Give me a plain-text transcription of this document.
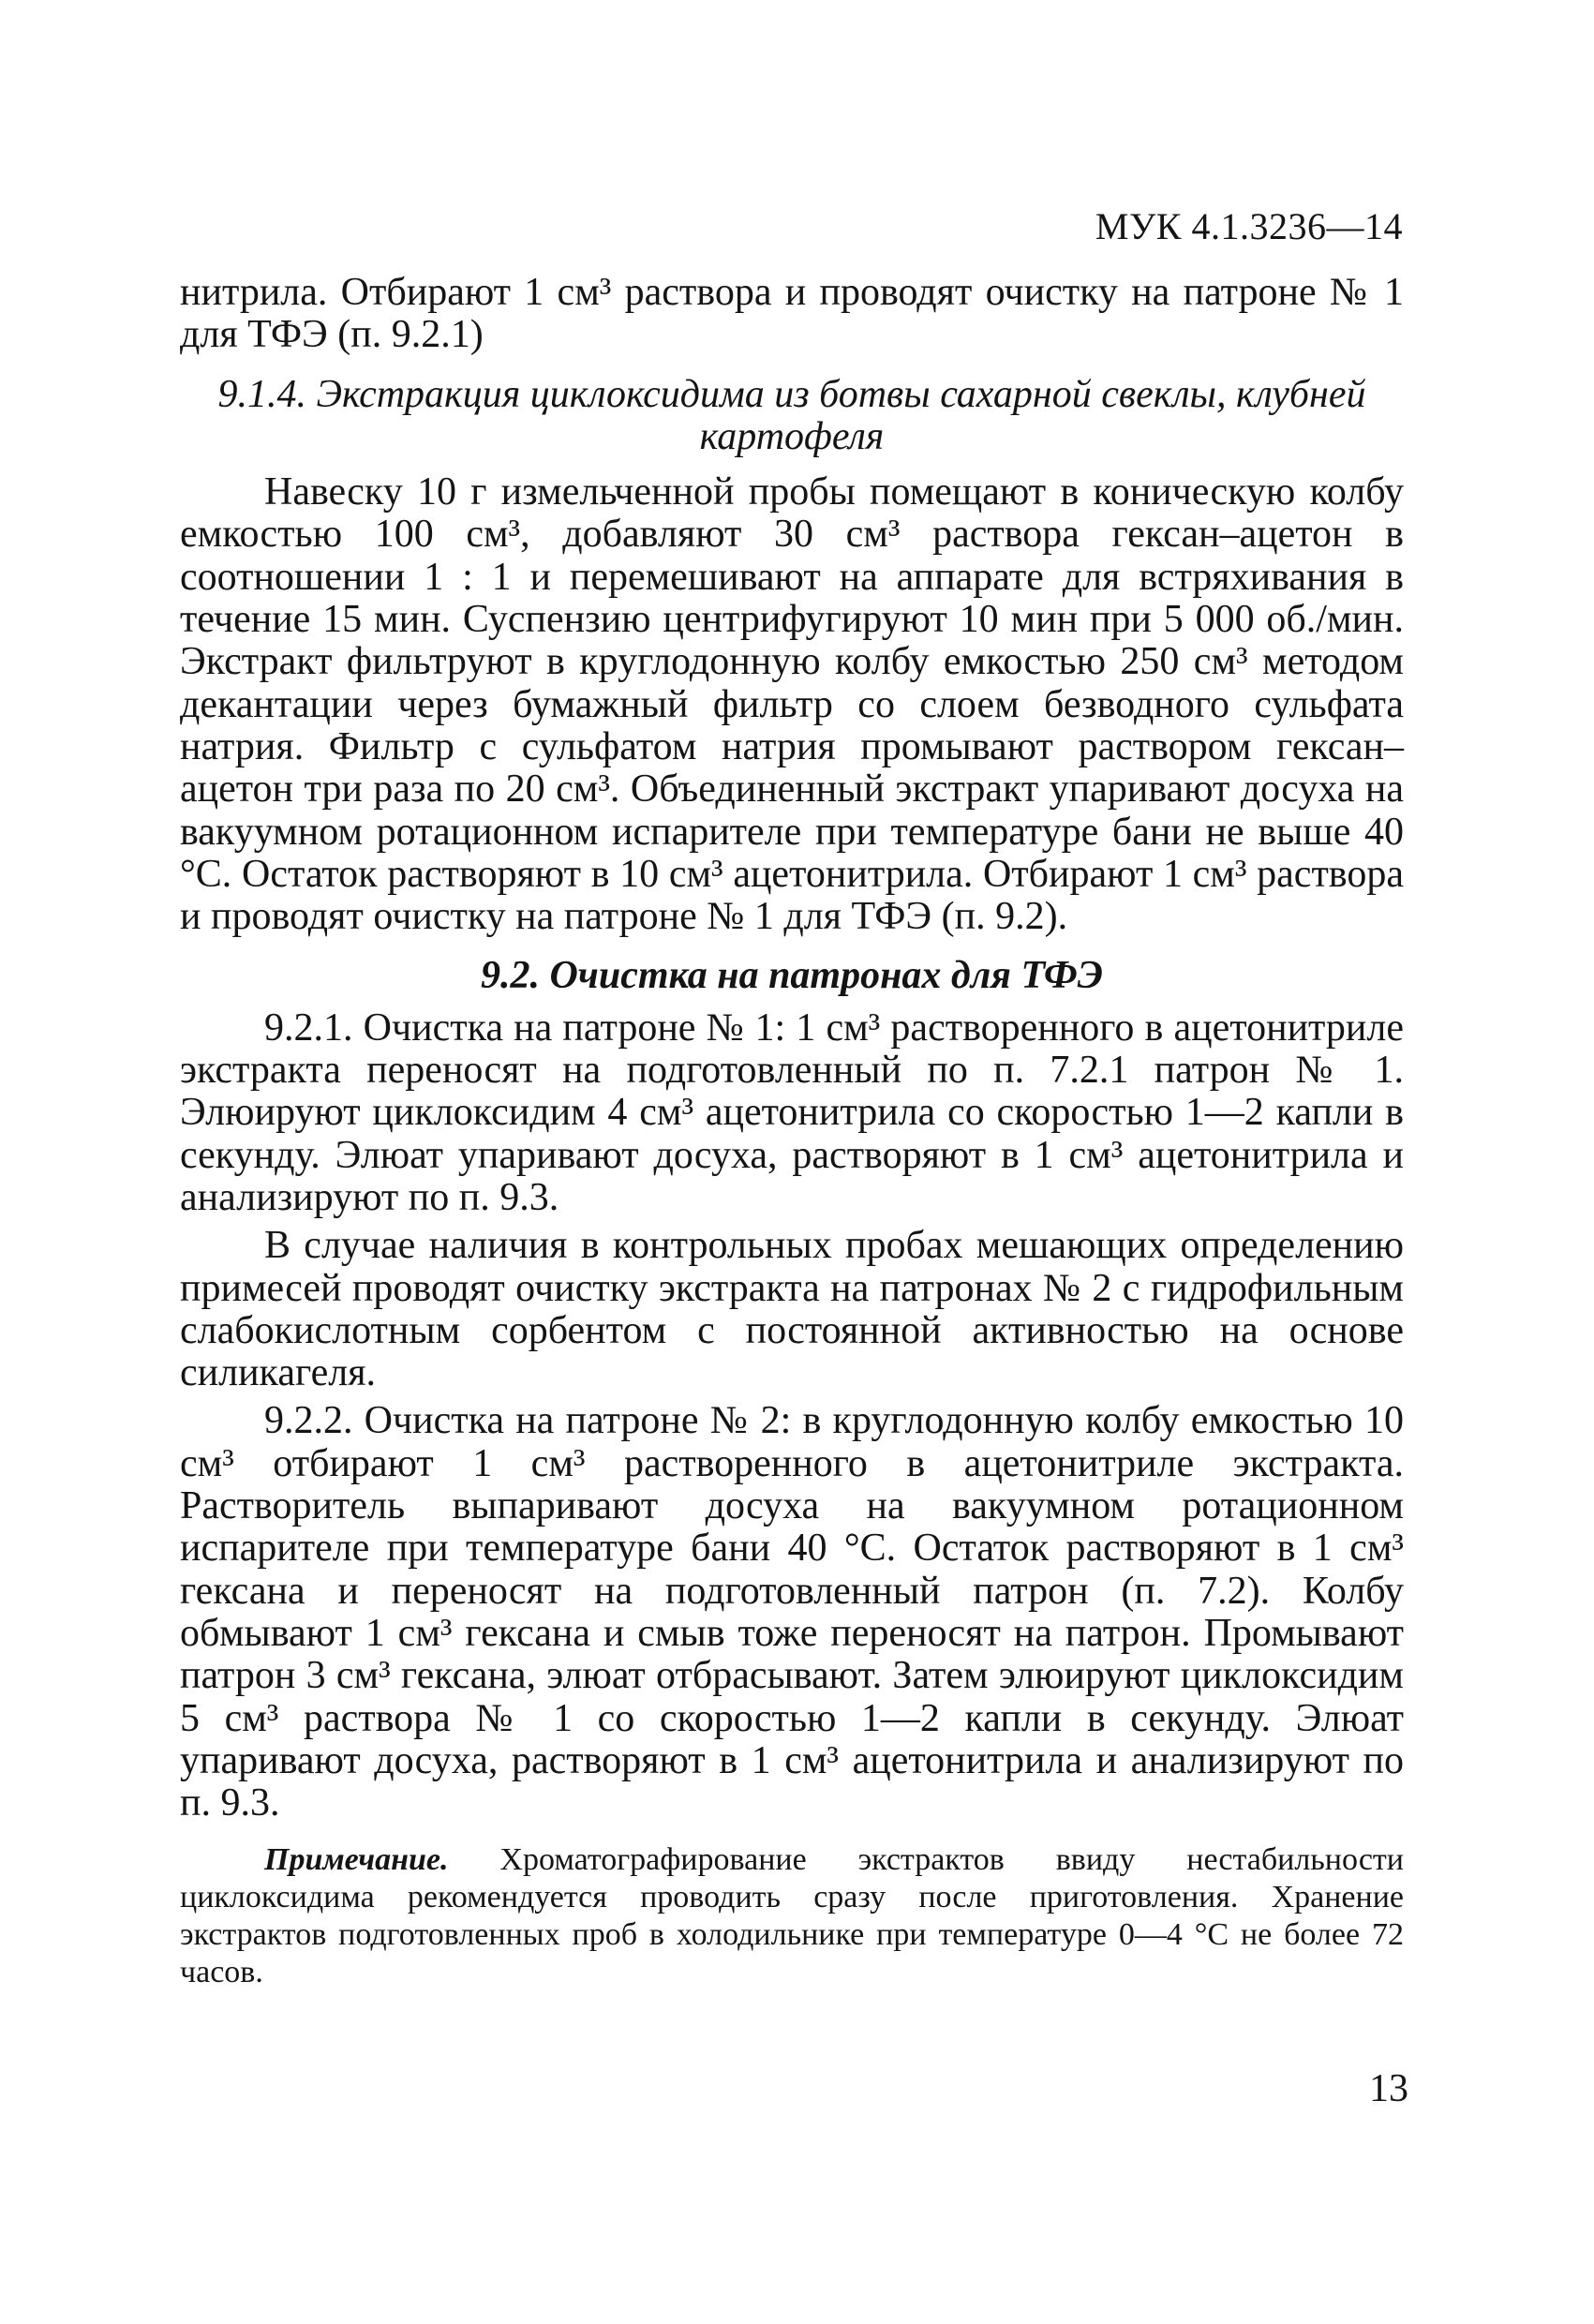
МУК 4.1.3236—14

нитрила. Отбирают 1 см³ раствора и проводят очистку на патроне № 1 для ТФЭ (п. 9.2.1)

9.1.4. Экстракция циклоксидима из ботвы сахарной свеклы, клубней картофеля

Навеску 10 г измельченной пробы помещают в коническую колбу емкостью 100 см³, добавляют 30 см³ раствора гексан–ацетон в соотношении 1 : 1 и перемешивают на аппарате для встряхивания в течение 15 мин. Суспензию центрифугируют 10 мин при 5 000 об./мин. Экстракт фильтруют в круглодонную колбу емкостью 250 см³ методом декантации через бумажный фильтр со слоем безводного сульфата натрия. Фильтр с сульфатом натрия промывают раствором гексан–ацетон три раза по 20 см³. Объединенный экстракт упаривают досуха на вакуумном ротационном испарителе при температуре бани не выше 40 °С. Остаток растворяют в 10 см³ ацетонитрила. Отбирают 1 см³ раствора и проводят очистку на патроне № 1 для ТФЭ (п. 9.2).

9.2. Очистка на патронах для ТФЭ

9.2.1. Очистка на патроне № 1: 1 см³ растворенного в ацетонитриле экстракта переносят на подготовленный по п. 7.2.1 патрон № 1. Элюируют циклоксидим 4 см³ ацетонитрила со скоростью 1—2 капли в секунду. Элюат упаривают досуха, растворяют в 1 см³ ацетонитрила и анализируют по п. 9.3.

В случае наличия в контрольных пробах мешающих определению примесей проводят очистку экстракта на патронах № 2 с гидрофильным слабокислотным сорбентом с постоянной активностью на основе силикагеля.

9.2.2. Очистка на патроне № 2: в круглодонную колбу емкостью 10 см³ отбирают 1 см³ растворенного в ацетонитриле экстракта. Растворитель выпаривают досуха на вакуумном ротационном испарителе при температуре бани 40 °С. Остаток растворяют в 1 см³ гексана и переносят на подготовленный патрон (п. 7.2). Колбу обмывают 1 см³ гексана и смыв тоже переносят на патрон. Промывают патрон 3 см³ гексана, элюат отбрасывают. Затем элюируют циклоксидим 5 см³ раствора № 1 со скоростью 1—2 капли в секунду. Элюат упаривают досуха, растворяют в 1 см³ ацетонитрила и анализируют по п. 9.3.

Примечание. Хроматографирование экстрактов ввиду нестабильности циклоксидима рекомендуется проводить сразу после приготовления. Хранение экстрактов подготовленных проб в холодильнике при температуре 0—4 °С не более 72 часов.

13
